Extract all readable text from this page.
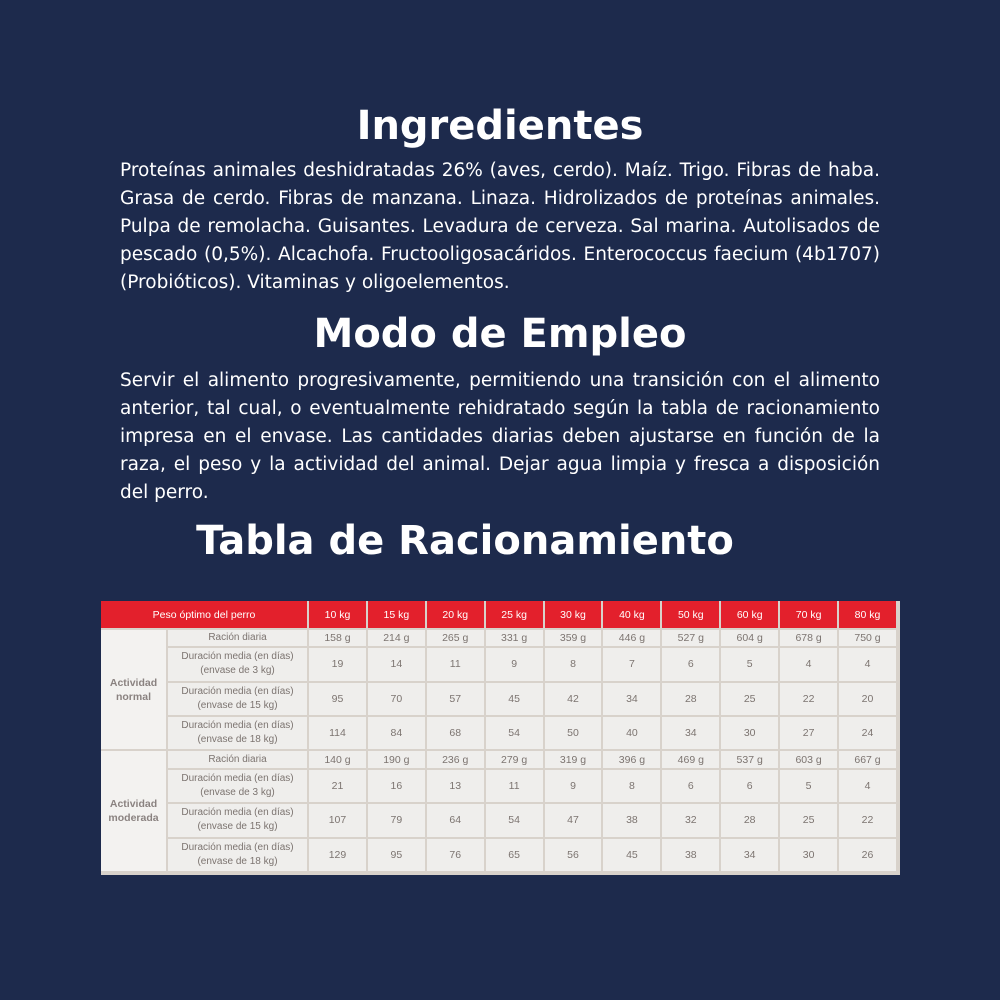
Ingredientes

Proteínas animales deshidratadas 26% (aves, cerdo). Maíz. Trigo. Fibras de haba. Grasa de cerdo. Fibras de manzana. Linaza. Hidrolizados de proteínas animales. Pulpa de remolacha. Guisantes. Levadura de cerveza. Sal marina. Autolisados de pescado (0,5%). Alcachofa. Fructooligosacáridos. Enterococcus faecium (4b1707) (Probióticos). Vitaminas y oligoelementos.

Modo de Empleo

Servir el alimento progresivamente, permitiendo una transición con el alimento anterior, tal cual, o eventualmente rehidratado según la tabla de racionamiento impresa en el envase. Las cantidades diarias deben ajustarse en función de la raza, el peso y la actividad del animal. Dejar agua limpia y fresca a disposición del perro.

Tabla de Racionamiento
Peso óptimo del perro		10 kg	15 kg	20 kg	25 kg	30 kg	40 kg	50 kg	60 kg	70 kg	80 kg
Actividad normal	Ración diaria	158 g	214 g	265 g	331 g	359 g	446 g	527 g	604 g	678 g	750 g
	Duración media (en días) (envase de 3 kg)	19	14	11	9	8	7	6	5	4	4
	Duración media (en días) (envase de 15 kg)	95	70	57	45	42	34	28	25	22	20
	Duración media (en días) (envase de 18 kg)	114	84	68	54	50	40	34	30	27	24
Actividad moderada	Ración diaria	140 g	190 g	236 g	279 g	319 g	396 g	469 g	537 g	603 g	667 g
	Duración media (en días) (envase de 3 kg)	21	16	13	11	9	8	6	6	5	4
	Duración media (en días) (envase de 15 kg)	107	79	64	54	47	38	32	28	25	22
	Duración media (en días) (envase de 18 kg)	129	95	76	65	56	45	38	34	30	26
